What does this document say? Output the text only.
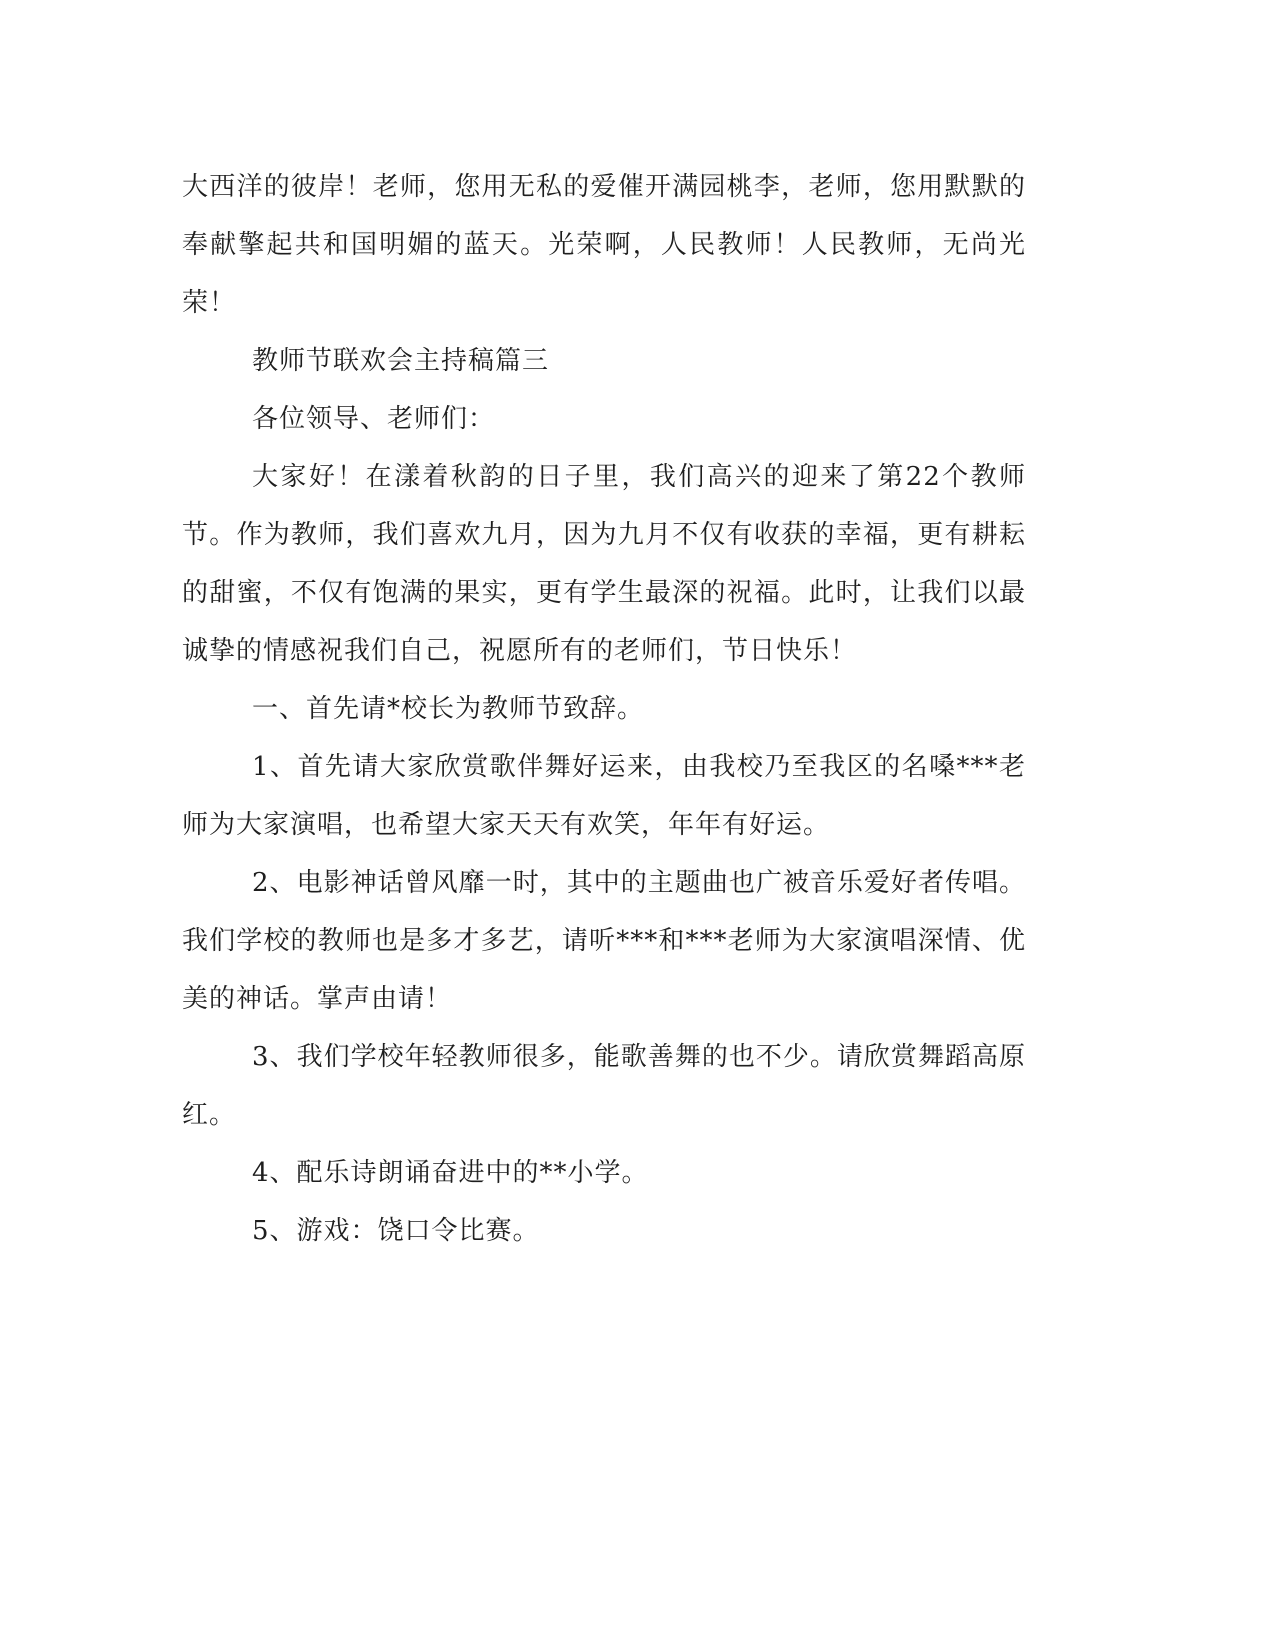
大西洋的彼岸！老师，您用无私的爱催开满园桃李，老师，您用默默的奉献擎起共和国明媚的蓝天。光荣啊，人民教师！人民教师，无尚光荣！

教师节联欢会主持稿篇三

各位领导、老师们：

大家好！在漾着秋韵的日子里，我们高兴的迎来了第22个教师节。作为教师，我们喜欢九月，因为九月不仅有收获的幸福，更有耕耘的甜蜜，不仅有饱满的果实，更有学生最深的祝福。此时，让我们以最诚挚的情感祝我们自己，祝愿所有的老师们，节日快乐！

一、首先请*校长为教师节致辞。

1、首先请大家欣赏歌伴舞好运来，由我校乃至我区的名嗓***老师为大家演唱，也希望大家天天有欢笑，年年有好运。

2、电影神话曾风靡一时，其中的主题曲也广被音乐爱好者传唱。我们学校的教师也是多才多艺，请听***和***老师为大家演唱深情、优美的神话。掌声由请！

3、我们学校年轻教师很多，能歌善舞的也不少。请欣赏舞蹈高原红。

4、配乐诗朗诵奋进中的**小学。

5、游戏：饶口令比赛。
